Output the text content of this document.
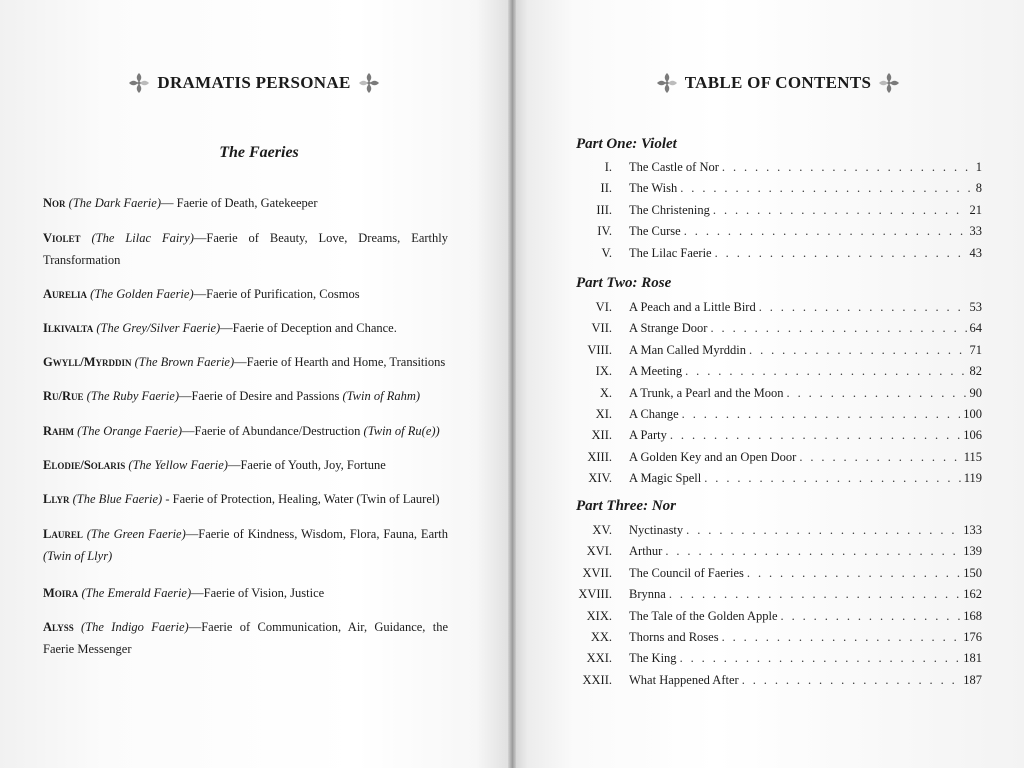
DRAMATIS PERSONAE
The Faeries
Nor (The Dark Faerie)— Faerie of Death, Gatekeeper
Violet (The Lilac Fairy)—Faerie of Beauty, Love, Dreams, Earthly Transformation
Aurelia (The Golden Faerie)—Faerie of Purification, Cosmos
Ilkivalta (The Grey/Silver Faerie)—Faerie of Deception and Chance.
Gwyll/Myrddin (The Brown Faerie)—Faerie of Hearth and Home, Transitions
Ru/Rue (The Ruby Faerie)—Faerie of Desire and Passions (Twin of Rahm)
Rahm (The Orange Faerie)—Faerie of Abundance/Destruction (Twin of Ru(e))
Elodie/Solaris (The Yellow Faerie)—Faerie of Youth, Joy, Fortune
Llyr (The Blue Faerie) - Faerie of Protection, Healing, Water (Twin of Laurel)
Laurel (The Green Faerie)—Faerie of Kindness, Wisdom, Flora, Fauna, Earth (Twin of Llyr)
Moira (The Emerald Faerie)—Faerie of Vision, Justice
Alyss (The Indigo Faerie)—Faerie of Communication, Air, Guidance, the Faerie Messenger
TABLE OF CONTENTS
Part One: Violet
I. The Castle of Nor . . .	1
II. The Wish . . .	8
III. The Christening . . .	21
IV. The Curse . . .	33
V. The Lilac Faerie . . .	43
Part Two: Rose
VI. A Peach and a Little Bird . . .	53
VII. A Strange Door . . .	64
VIII. A Man Called Myrddin . . .	71
IX. A Meeting . . .	82
X. A Trunk, a Pearl and the Moon . . .	90
XI. A Change . . .	100
XII. A Party . . .	106
XIII. A Golden Key and an Open Door . . .	115
XIV. A Magic Spell . . .	119
Part Three: Nor
XV. Nyctinasty . . .	133
XVI. Arthur . . .	139
XVII. The Council of Faeries . . .	150
XVIII. Brynna . . .	162
XIX. The Tale of the Golden Apple . . .	168
XX. Thorns and Roses . . .	176
XXI. The King . . .	181
XXII. What Happened After . . .	187
